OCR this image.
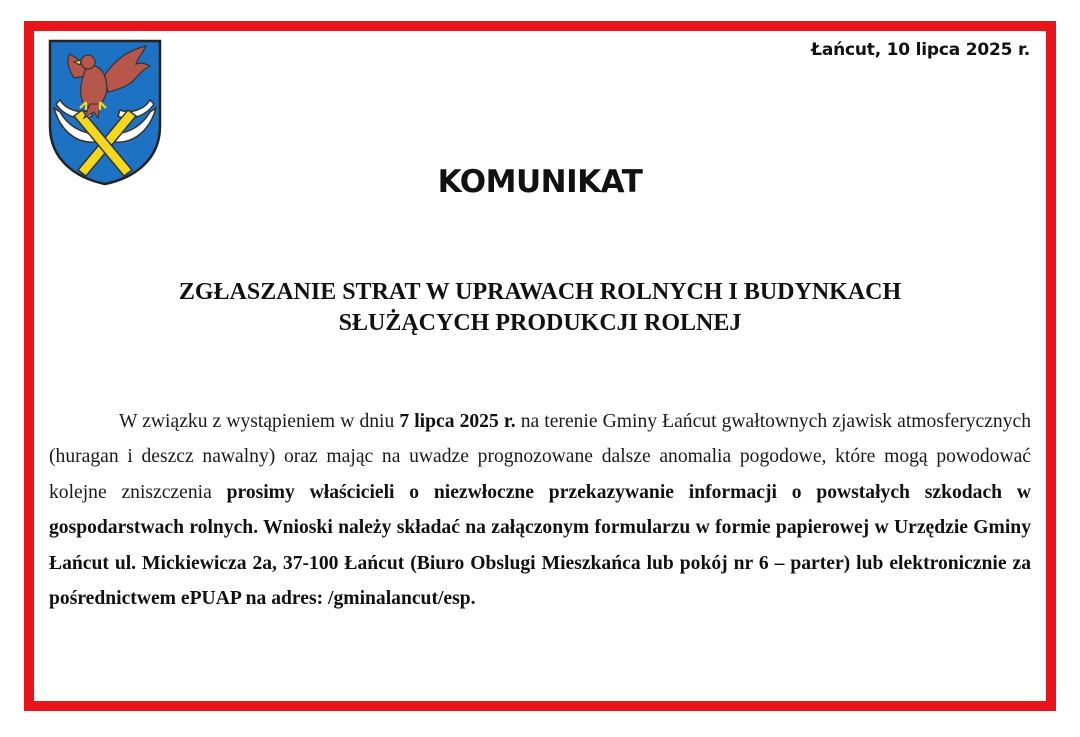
Łańcut, 10 lipca 2025 r.
KOMUNIKAT
ZGŁASZANIE STRAT W UPRAWACH ROLNYCH I BUDYNKACH
SŁUŻĄCYCH PRODUKCJI ROLNEJ

W związku z wystąpieniem w dniu 7 lipca 2025 r. na terenie Gminy Łańcut gwałtownych zjawisk atmosferycznych (huragan i deszcz nawalny) oraz mając na uwadze prognozowane dalsze anomalia pogodowe, które mogą powodować kolejne zniszczenia prosimy właścicieli o niezwłoczne przekazywanie informacji o powstałych szkodach w gospodarstwach rolnych. Wnioski należy składać na załączonym formularzu w formie papierowej w Urzędzie Gminy Łańcut ul. Mickiewicza 2a, 37-100 Łańcut (Biuro Obslugi Mieszkańca lub pokój nr 6 – parter) lub elektronicznie za pośrednictwem ePUAP na adres: /gminalancut/esp.
